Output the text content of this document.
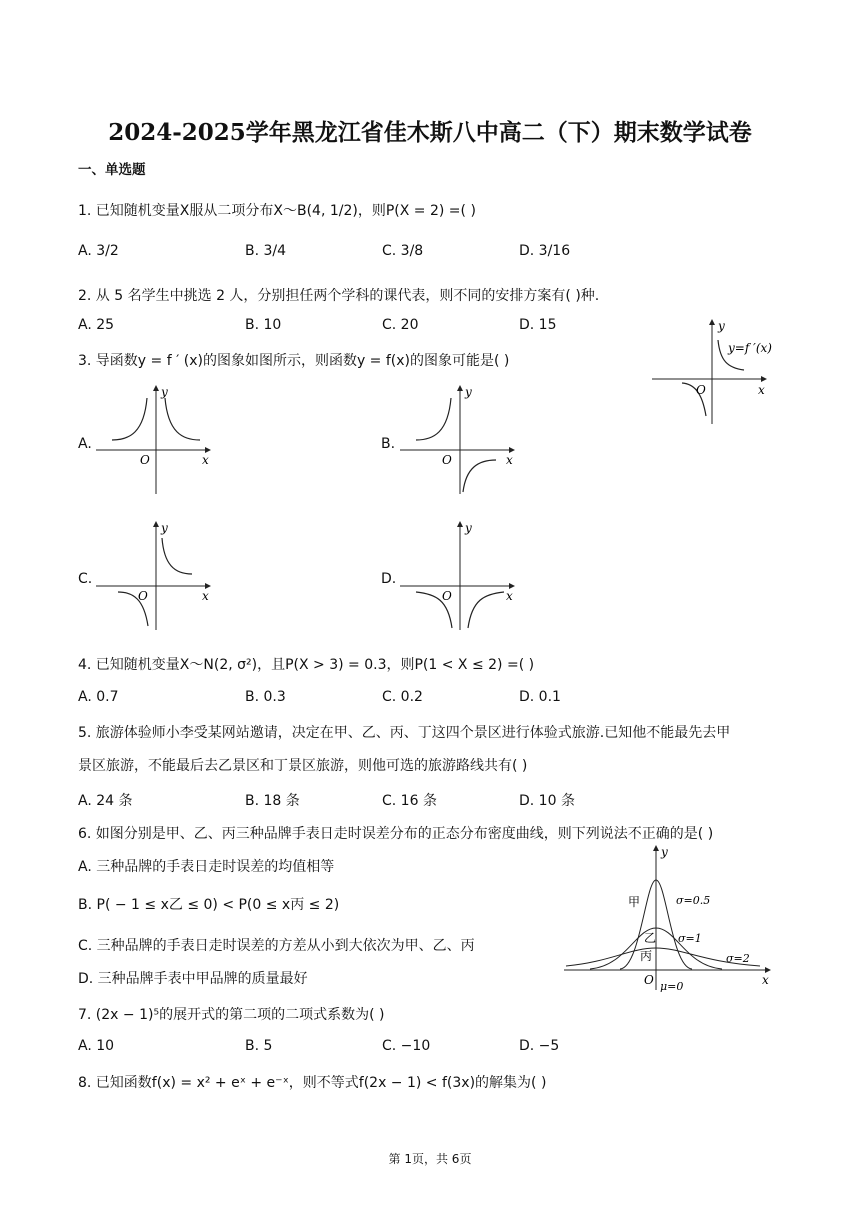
2024-2025学年黑龙江省佳木斯八中高二（下）期末数学试卷
一、单选题
1. 已知随机变量X服从二项分布X～B(4, 1/2)，则P(X = 2) =( )
A. 3/2	B. 3/4	C. 3/8	D. 3/16
2. 从 5 名学生中挑选 2 人，分别担任两个学科的课代表，则不同的安排方案有( )种.
A. 25	B. 10	C. 20	D. 15
3. 导函数y = f ′ (x)的图象如图所示，则函数y = f(x)的图象可能是( )
y
x
O
y=f ′(x)
A.
y
x
O
B.
y
x
O
C.
y
x
O
D.
y
x
O
4. 已知随机变量X～N(2, σ²)，且P(X > 3) = 0.3，则P(1 < X ≤ 2) =( )
A. 0.7	B. 0.3	C. 0.2	D. 0.1
5. 旅游体验师小李受某网站邀请，决定在甲、乙、丙、丁这四个景区进行体验式旅游.已知他不能最先去甲
景区旅游，不能最后去乙景区和丁景区旅游，则他可选的旅游路线共有( )
A. 24 条	B. 18 条	C. 16 条	D. 10 条
6. 如图分别是甲、乙、丙三种品牌手表日走时误差分布的正态分布密度曲线，则下列说法不正确的是( )
A. 三种品牌的手表日走时误差的均值相等
B. P( − 1 ≤ x乙 ≤ 0) < P(0 ≤ x丙 ≤ 2)
C. 三种品牌的手表日走时误差的方差从小到大依次为甲、乙、丙
D. 三种品牌手表中甲品牌的质量最好
y
x
O μ=0
甲
乙
丙
σ=0.5
σ=1
σ=2
7. (2x − 1)⁵的展开式的第二项的二项式系数为( )
A. 10	B. 5	C. −10	D. −5
8. 已知函数f(x) = x² + eˣ + e⁻ˣ，则不等式f(2x − 1) < f(3x)的解集为( )
第 1页，共 6页
